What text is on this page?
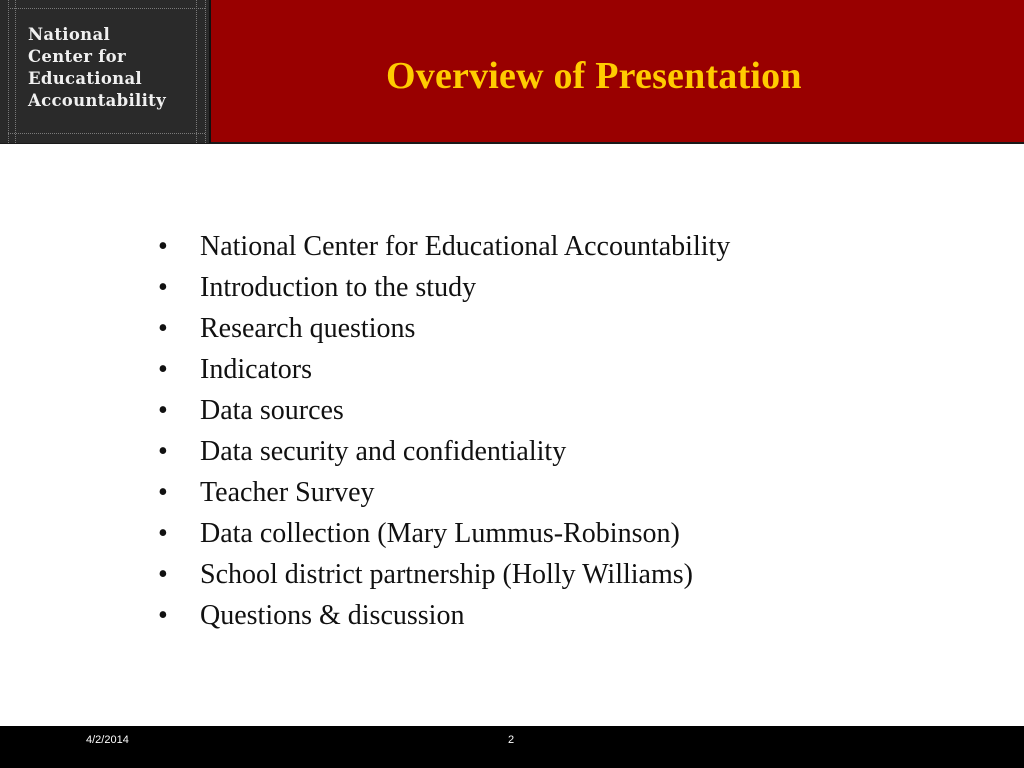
National
Center for
Educational
Accountability
Overview of Presentation
•	National Center for Educational Accountability
•	Introduction to the study
•	Research questions
•	Indicators
•	Data sources
•	Data security and confidentiality
•	Teacher Survey
•	Data collection (Mary Lummus-Robinson)
•	School district partnership (Holly Williams)
•	Questions & discussion
4/2/2014	2
